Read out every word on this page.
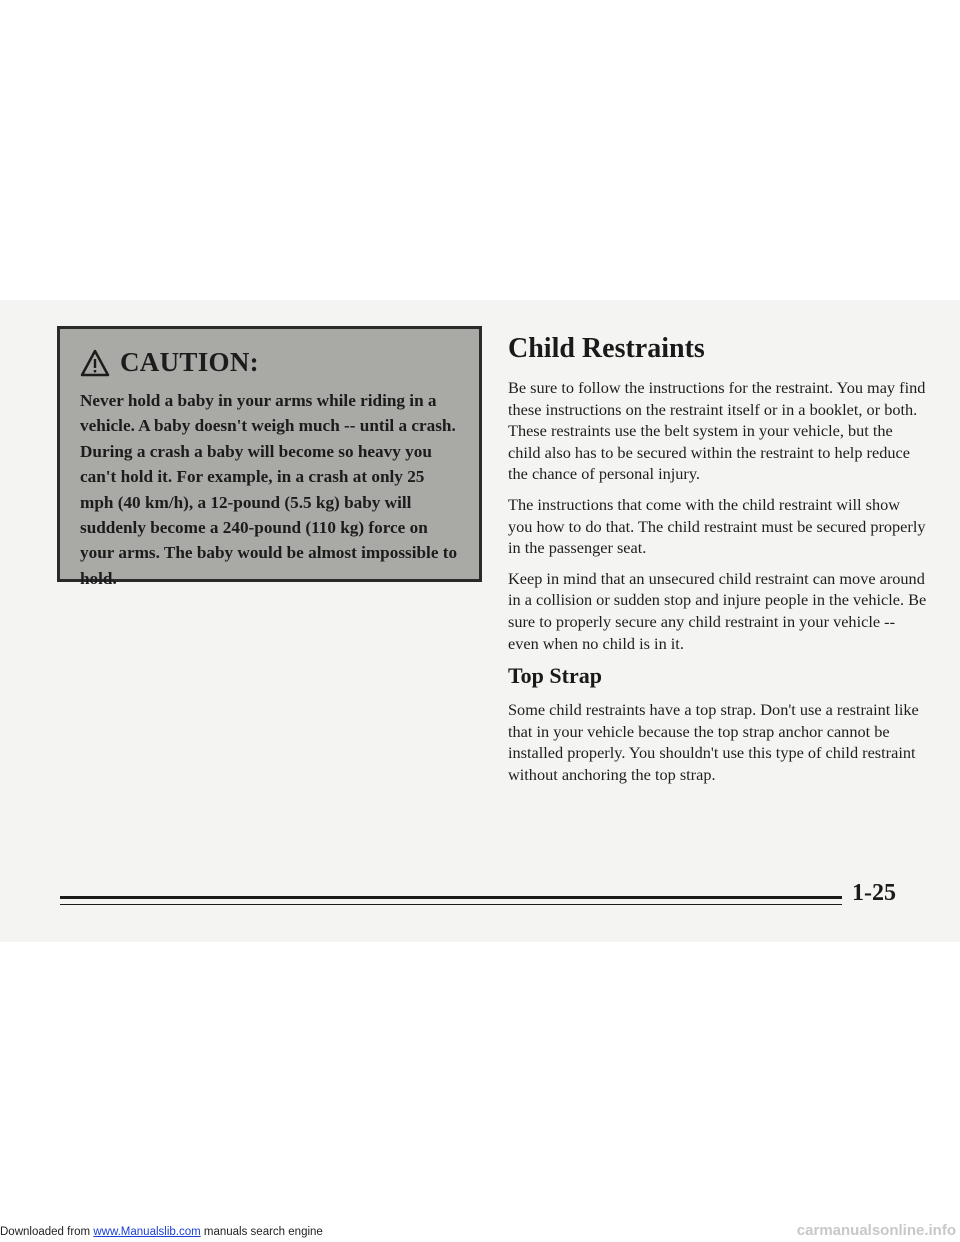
CAUTION:

Never hold a baby in your arms while riding in a vehicle. A baby doesn't weigh much -- until a crash. During a crash a baby will become so heavy you can't hold it. For example, in a crash at only 25 mph (40 km/h), a 12-pound (5.5 kg) baby will suddenly become a 240-pound (110 kg) force on your arms. The baby would be almost impossible to hold.

Child Restraints

Be sure to follow the instructions for the restraint. You may find these instructions on the restraint itself or in a booklet, or both. These restraints use the belt system in your vehicle, but the child also has to be secured within the restraint to help reduce the chance of personal injury.

The instructions that come with the child restraint will show you how to do that. The child restraint must be secured properly in the passenger seat.

Keep in mind that an unsecured child restraint can move around in a collision or sudden stop and injure people in the vehicle. Be sure to properly secure any child restraint in your vehicle -- even when no child is in it.

Top Strap

Some child restraints have a top strap. Don't use a restraint like that in your vehicle because the top strap anchor cannot be installed properly. You shouldn't use this type of child restraint without anchoring the top strap.

1-25
Downloaded from www.Manualslib.com manuals search engine	carmanualsonline.info
